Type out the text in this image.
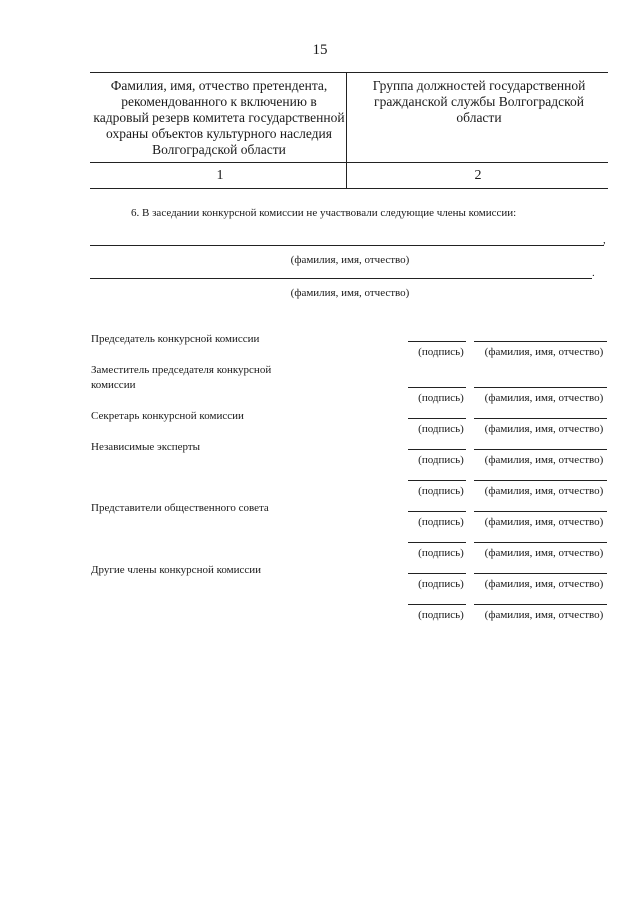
15
Фамилия, имя, отчество претендента, рекомендованного к включению в кадровый резерв комитета государственной охраны объектов культурного наследия Волгоградской области
Группа должностей государственной гражданской службы Волгоградской области
1	2
6. В заседании конкурсной комиссии не участвовали следующие члены комиссии:
,
(фамилия, имя, отчество)
.
(фамилия, имя, отчество)
Председатель конкурсной комиссии
(подпись)	(фамилия, имя, отчество)
Заместитель председателя конкурсной комиссии
(подпись)	(фамилия, имя, отчество)
Секретарь конкурсной комиссии
(подпись)	(фамилия, имя, отчество)
Независимые эксперты
(подпись)	(фамилия, имя, отчество)
(подпись)	(фамилия, имя, отчество)
Представители общественного совета
(подпись)	(фамилия, имя, отчество)
(подпись)	(фамилия, имя, отчество)
Другие члены конкурсной комиссии
(подпись)	(фамилия, имя, отчество)
(подпись)	(фамилия, имя, отчество)
